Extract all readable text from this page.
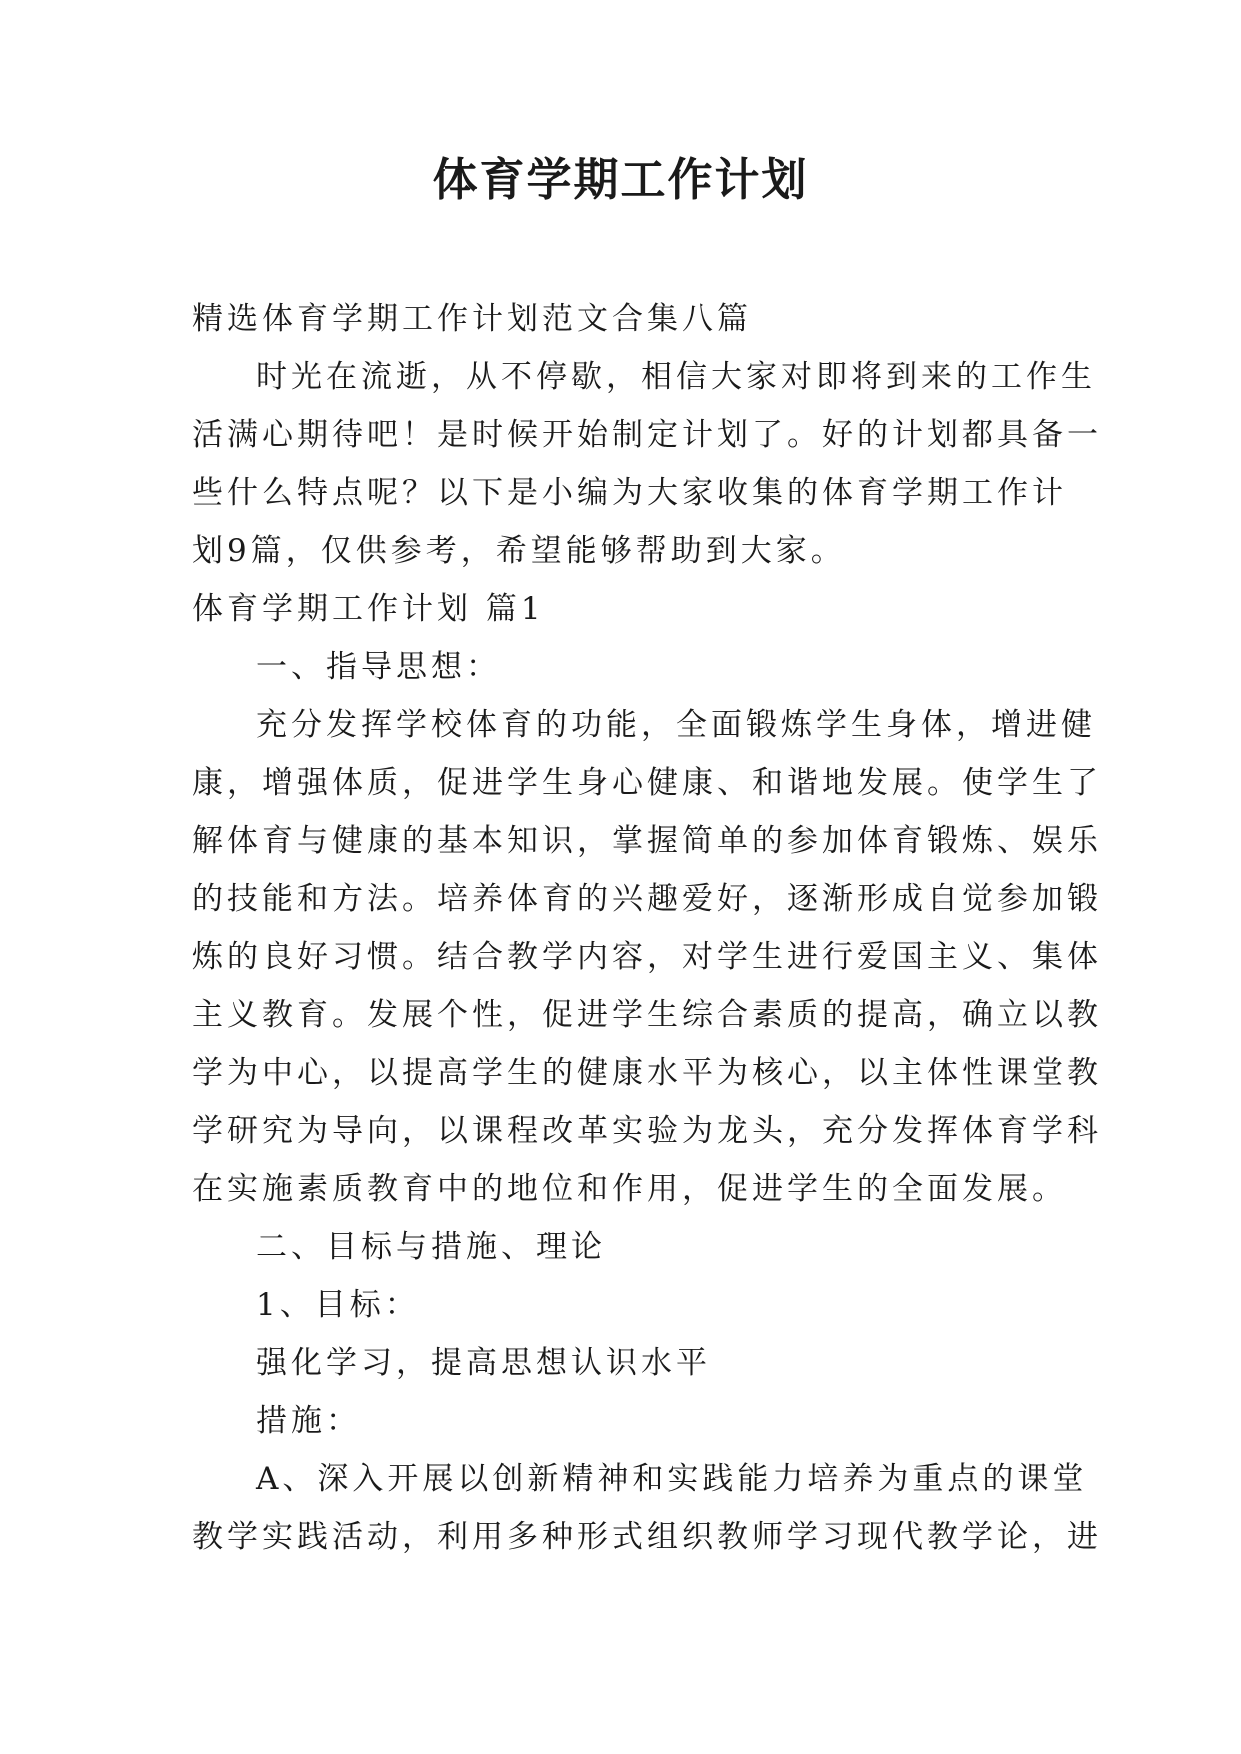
体育学期工作计划
精选体育学期工作计划范文合集八篇
时光在流逝，从不停歇，相信大家对即将到来的工作生
活满心期待吧！是时候开始制定计划了。好的计划都具备一
些什么特点呢？以下是小编为大家收集的体育学期工作计
划9篇，仅供参考，希望能够帮助到大家。
体育学期工作计划 篇1
一、指导思想：
充分发挥学校体育的功能，全面锻炼学生身体，增进健
康，增强体质，促进学生身心健康、和谐地发展。使学生了
解体育与健康的基本知识，掌握简单的参加体育锻炼、娱乐
的技能和方法。培养体育的兴趣爱好，逐渐形成自觉参加锻
炼的良好习惯。结合教学内容，对学生进行爱国主义、集体
主义教育。发展个性，促进学生综合素质的提高，确立以教
学为中心，以提高学生的健康水平为核心，以主体性课堂教
学研究为导向，以课程改革实验为龙头，充分发挥体育学科
在实施素质教育中的地位和作用，促进学生的全面发展。
二、目标与措施、理论
1、目标：
强化学习，提高思想认识水平
措施：
A、深入开展以创新精神和实践能力培养为重点的课堂
教学实践活动，利用多种形式组织教师学习现代教学论，进
